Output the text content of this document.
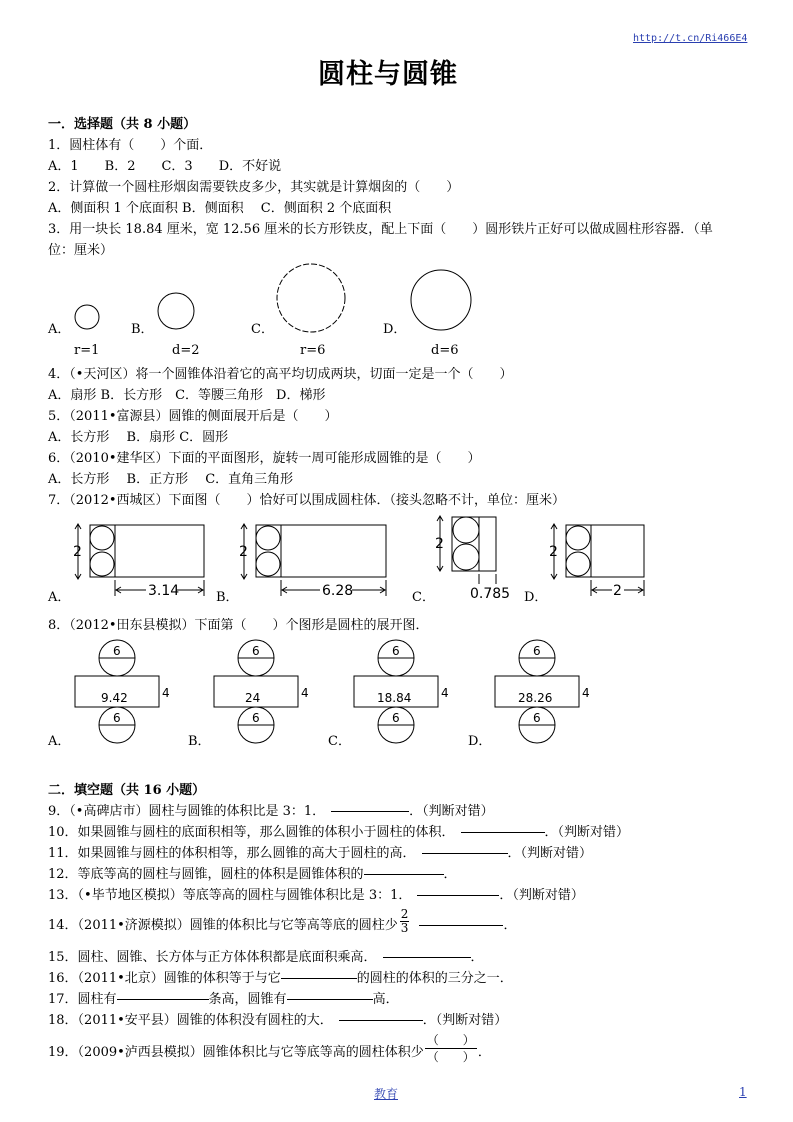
http://t.cn/Ri466E4
圆柱与圆锥
一．选择题（共 8 小题）
1．圆柱体有（　　）个面．
A．1　　B．2　　C．3　　D．不好说
2．计算做一个圆柱形烟囱需要铁皮多少，其实就是计算烟囱的（　　）
A．侧面积 1 个底面积 B．侧面积　 C．侧面积 2 个底面积
3．用一块长 18.84 厘米，宽 12.56 厘米的长方形铁皮，配上下面（　　）圆形铁片正好可以做成圆柱形容器．（单
位：厘米）
A．
r=1
B．
d=2
C．
r=6
D．
d=6
4．（•天河区）将一个圆锥体沿着它的高平均切成两块，切面一定是一个（　　）
A．扇形 B．长方形　C．等腰三角形　D．梯形
5．（2011•富源县）圆锥的侧面展开后是（　　）
A．长方形　 B．扇形 C．圆形
6．（2010•建华区）下面的平面图形，旋转一周可能形成圆锥的是（　　）
A．长方形　 B．正方形　 C．直角三角形
7．（2012•西城区）下面图（　　）恰好可以围成圆柱体．（接头忽略不计，单位：厘米）
A．
2
3.14	B．
2
6.28	C．
2
0.785 D．
2
2
8．（2012•田东县模拟）下面第（　　）个图形是圆柱的展开图．
A．
6
9.42	4
6
B．
6
24	4
6
C．
6
18.84 4
6
D．
6
28.26 4
6
二．填空题（共 16 小题）
9．（•高碑店市）圆柱与圆锥的体积比是 3：1．	．（判断对错）
10．如果圆锥与圆柱的底面积相等，那么圆锥的体积小于圆柱的体积．	．（判断对错）
11．如果圆锥与圆柱的体积相等，那么圆锥的高大于圆柱的高．	．（判断对错）
12．等底等高的圆柱与圆锥，圆柱的体积是圆锥体积的	．
13．（•毕节地区模拟）等底等高的圆柱与圆锥体积比是 3：1．	．（判断对错）
14．（2011•济源模拟）圆锥的体积比与它等高等底的圆柱少 $\frac{2}{3}$	．
15．圆柱、圆锥、长方体与正方体体积都是底面积乘高．	．
16．（2011•北京）圆锥的体积等于与它	的圆柱的体积的三分之一．
17．圆柱有	条高，圆锥有	高．
18．（2011•安平县）圆锥的体积没有圆柱的大．	．（判断对错）
19．（2009•泸西县模拟）圆锥体积比与它等底等高的圆柱体积少
（　　）
（　　） ．
教育	1
